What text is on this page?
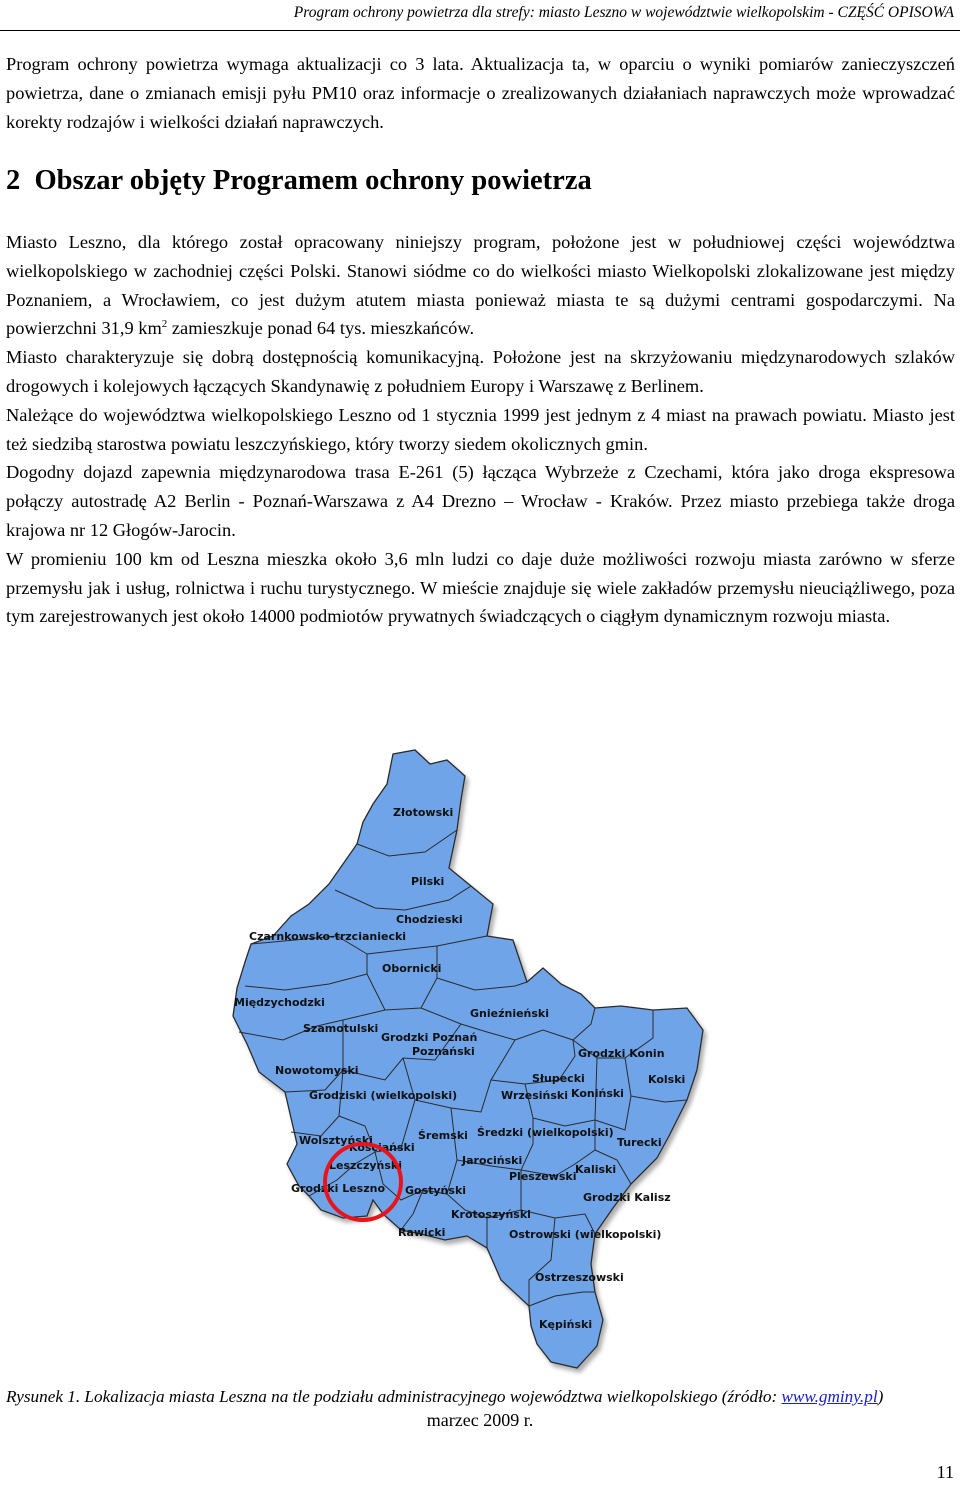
Program ochrony powietrza dla strefy: miasto Leszno w województwie wielkopolskim - CZĘŚĆ OPISOWA

Program ochrony powietrza wymaga aktualizacji co 3 lata. Aktualizacja ta, w oparciu o wyniki pomiarów zanieczyszczeń powietrza, dane o zmianach emisji pyłu PM10 oraz informacje o zrealizowanych działaniach naprawczych może wprowadzać korekty rodzajów i wielkości działań naprawczych.

2 Obszar objęty Programem ochrony powietrza

Miasto Leszno, dla którego został opracowany niniejszy program, położone jest w południowej części województwa wielkopolskiego w zachodniej części Polski. Stanowi siódme co do wielkości miasto Wielkopolski zlokalizowane jest między Poznaniem, a Wrocławiem, co jest dużym atutem miasta ponieważ miasta te są dużymi centrami gospodarczymi. Na powierzchni 31,9 $km^2$ zamieszkuje ponad 64 tys. mieszkańców.

Miasto charakteryzuje się dobrą dostępnością komunikacyjną. Położone jest na skrzyżowaniu międzynarodowych szlaków drogowych i kolejowych łączących Skandynawię z południem Europy i Warszawę z Berlinem.

Należące do województwa wielkopolskiego Leszno od 1 stycznia 1999 jest jednym z 4 miast na prawach powiatu. Miasto jest też siedzibą starostwa powiatu leszczyńskiego, który tworzy siedem okolicznych gmin.

Dogodny dojazd zapewnia międzynarodowa trasa E-261 (5) łącząca Wybrzeże z Czechami, która jako droga ekspresowa połączy autostradę A2 Berlin - Poznań-Warszawa z A4 Drezno – Wrocław - Kraków. Przez miasto przebiega także droga krajowa nr 12 Głogów-Jarocin.

W promieniu 100 km od Leszna mieszka około 3,6 mln ludzi co daje duże możliwości rozwoju miasta zarówno w sferze przemysłu jak i usług, rolnictwa i ruchu turystycznego. W mieście znajduje się wiele zakładów przemysłu nieuciążliwego, poza tym zarejestrowanych jest około 14000 podmiotów prywatnych świadczących o ciągłym dynamicznym rozwoju miasta.

Złotowski
Pilski
Chodzieski
Czarnkowsko-trzcianiecki
Międzychodzki
Obornicki
Szamotulski
Gnieźnieński
Grodzki Poznań
Poznański	Grodzki Konin
Nowotomyski
Słupecki	Kolski
Grodziski (wielkopolski)	Wrzesiński Koniński
Śremski Średzki (wielkopolski)
Wolsztyński
Kościański	Turecki
Leszczyński	Jarociński
Pleszewski
Kaliski
Grodzki Leszno Gostyński
Grodzki Kalisz
Krotoszyński
Rawicki	Ostrowski (wielkopolski)
Ostrzeszowski
Kępiński
Rysunek 1. Lokalizacja miasta Leszna na tle podziału administracyjnego województwa wielkopolskiego (źródło: www.gminy.pl)
marzec 2009 r.
11
